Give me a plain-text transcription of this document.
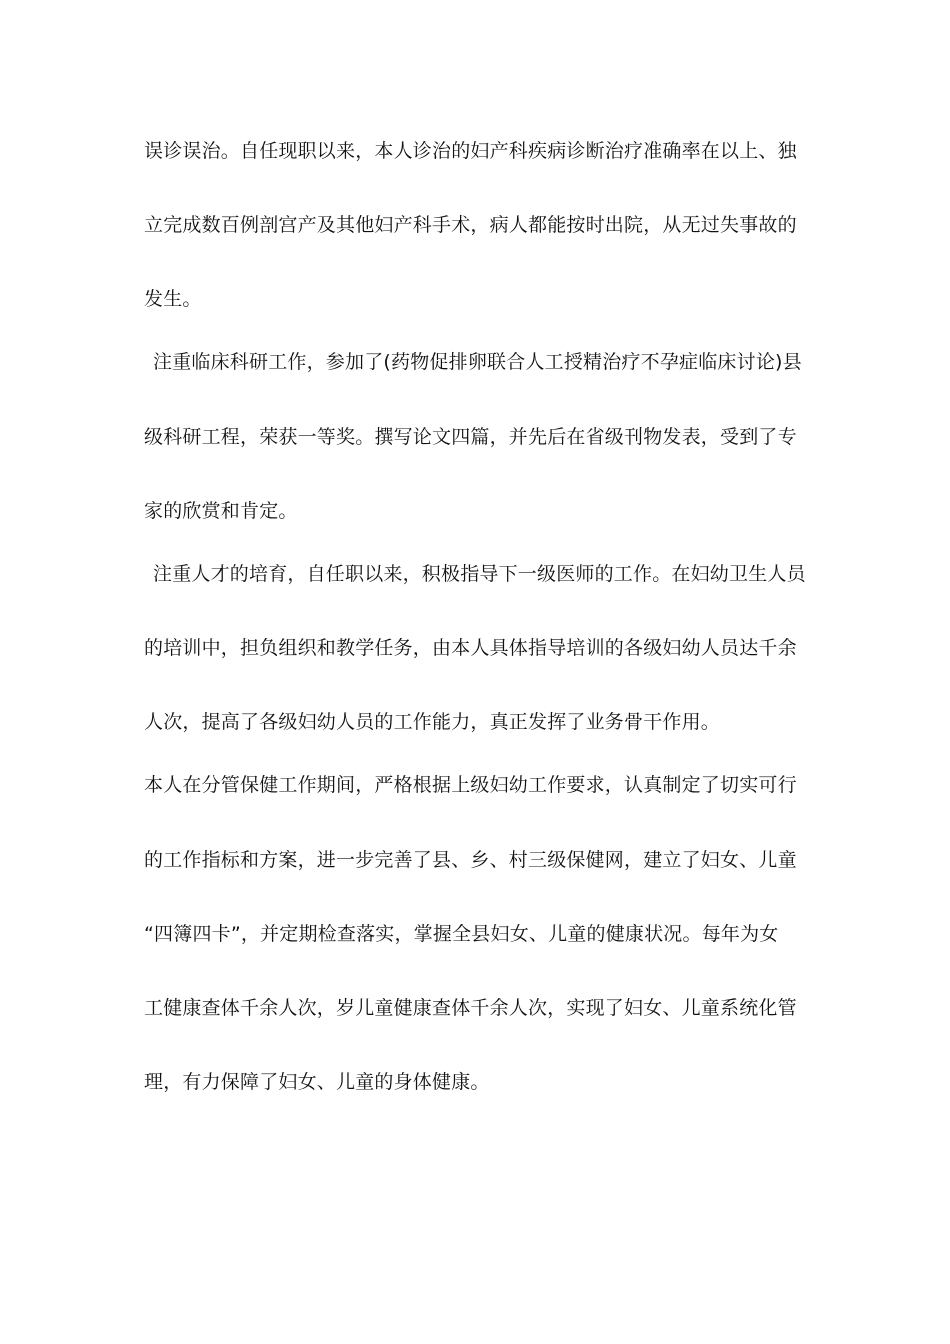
误诊误治。自任现职以来，本人诊治的妇产科疾病诊断治疗准确率在以上、独
立完成数百例剖宫产及其他妇产科手术，病人都能按时出院，从无过失事故的
发生。
注重临床科研工作，参加了(药物促排卵联合人工授精治疗不孕症临床讨论)县
级科研工程，荣获一等奖。撰写论文四篇，并先后在省级刊物发表，受到了专
家的欣赏和肯定。
注重人才的培育，自任职以来，积极指导下一级医师的工作。在妇幼卫生人员
的培训中，担负组织和教学任务，由本人具体指导培训的各级妇幼人员达千余
人次，提高了各级妇幼人员的工作能力，真正发挥了业务骨干作用。
本人在分管保健工作期间，严格根据上级妇幼工作要求，认真制定了切实可行
的工作指标和方案，进一步完善了县、乡、村三级保健网，建立了妇女、儿童
“四簿四卡”，并定期检查落实，掌握全县妇女、儿童的健康状况。每年为女
工健康查体千余人次，岁儿童健康查体千余人次，实现了妇女、儿童系统化管
理，有力保障了妇女、儿童的身体健康。
